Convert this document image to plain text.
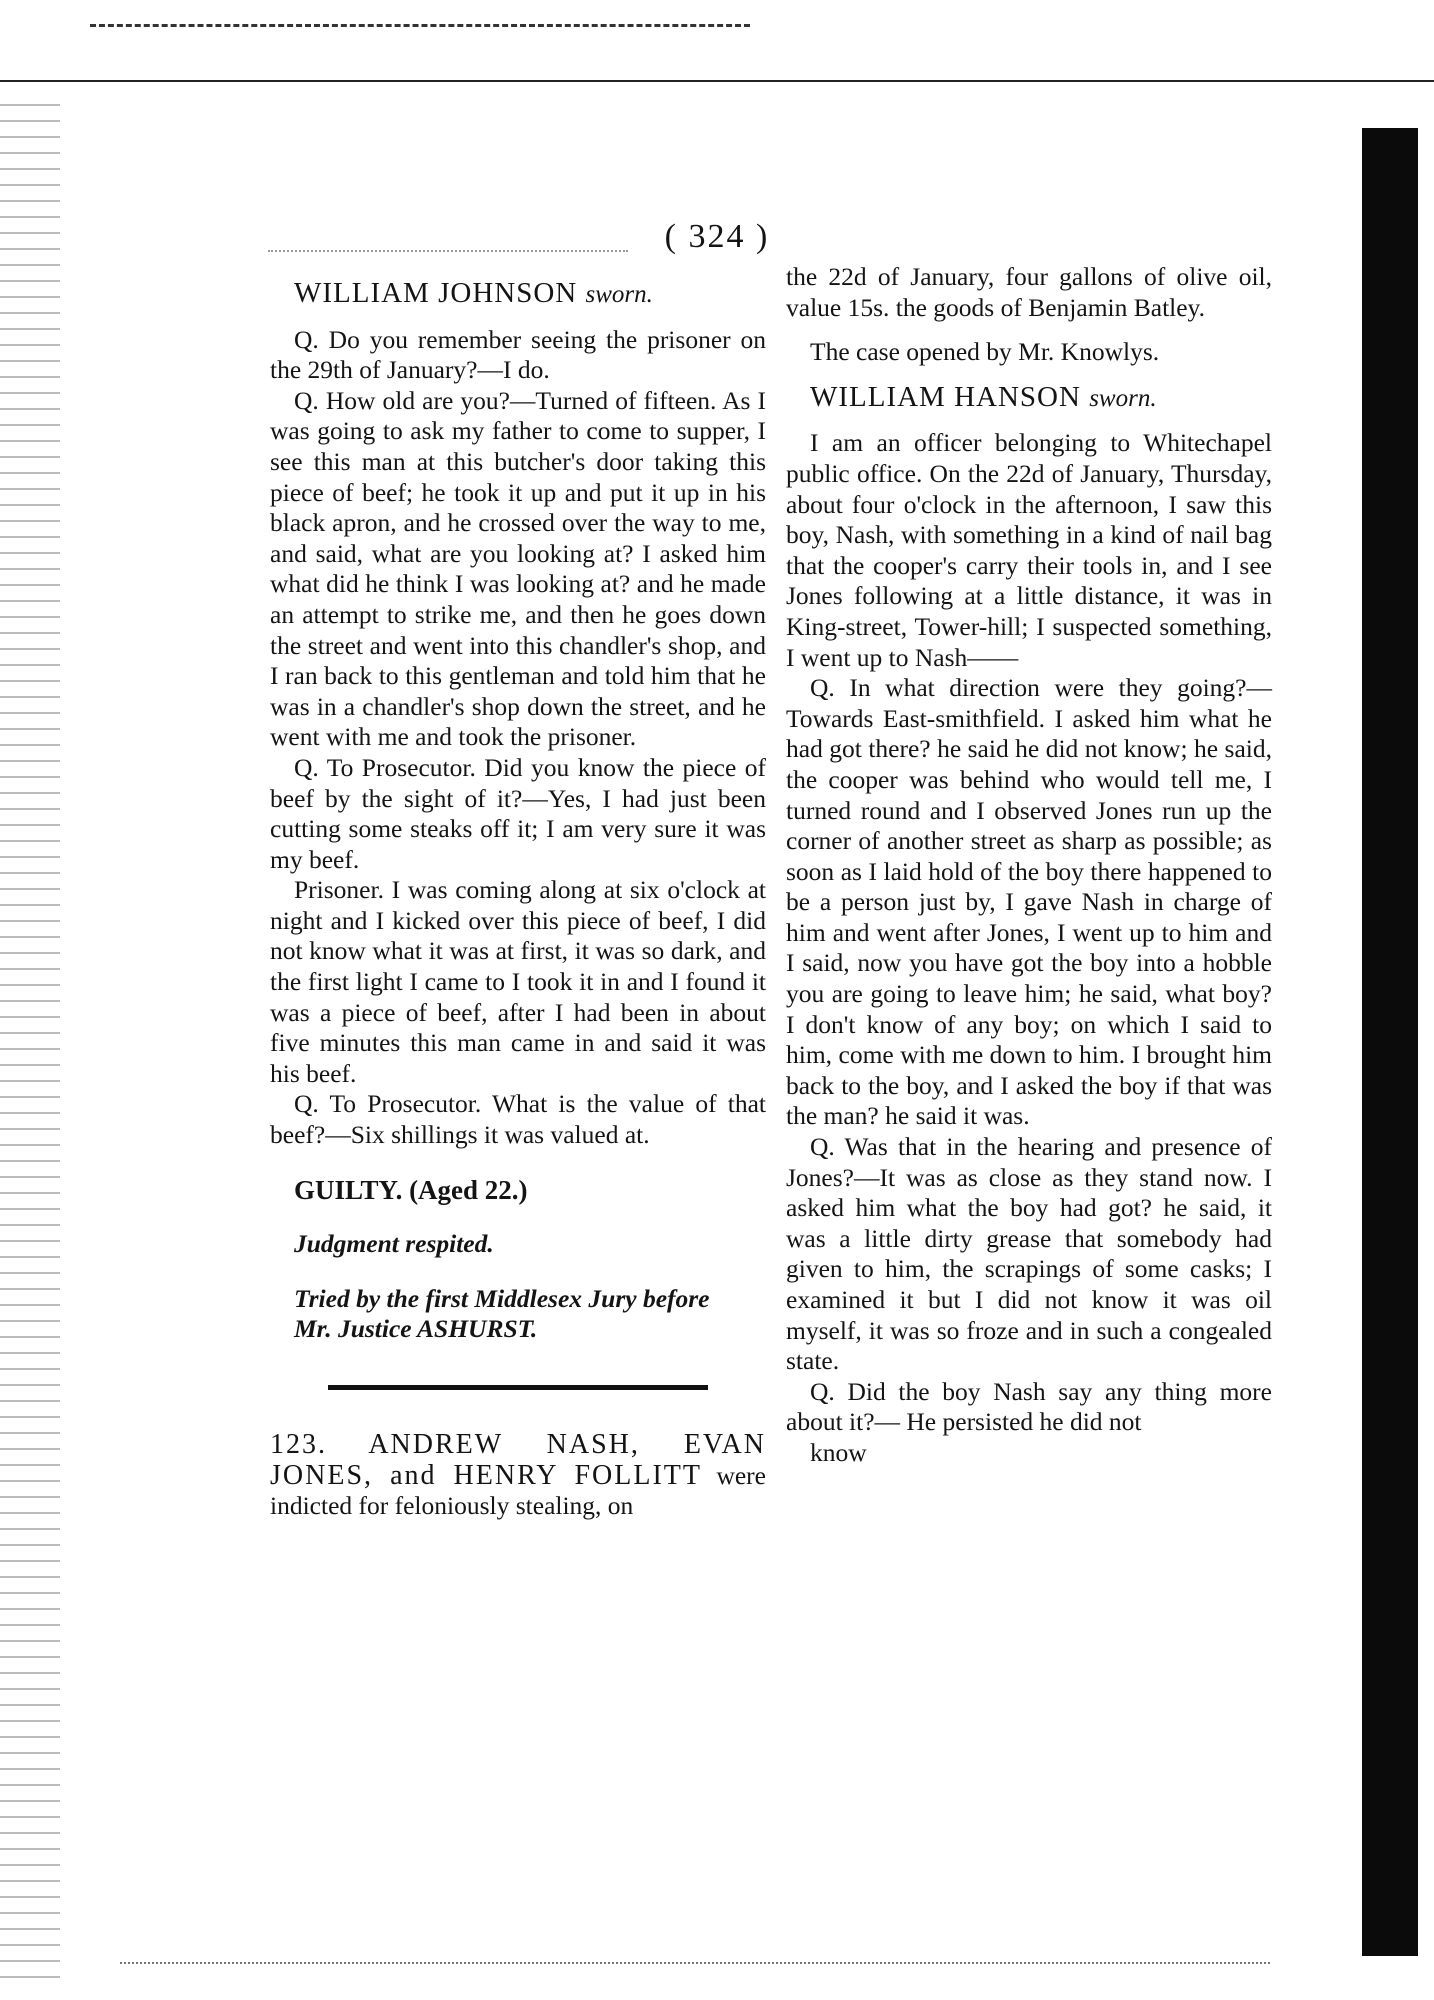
( 324 )

WILLIAM JOHNSON sworn.

Q. Do you remember seeing the prisoner on the 29th of January?—I do.

Q. How old are you?—Turned of fifteen. As I was going to ask my father to come to supper, I see this man at this butcher's door taking this piece of beef; he took it up and put it up in his black apron, and he crossed over the way to me, and said, what are you looking at? I asked him what did he think I was looking at? and he made an attempt to strike me, and then he goes down the street and went into this chandler's shop, and I ran back to this gentleman and told him that he was in a chandler's shop down the street, and he went with me and took the prisoner.

Q. To Prosecutor. Did you know the piece of beef by the sight of it?—Yes, I had just been cutting some steaks off it; I am very sure it was my beef.

Prisoner. I was coming along at six o'clock at night and I kicked over this piece of beef, I did not know what it was at first, it was so dark, and the first light I came to I took it in and I found it was a piece of beef, after I had been in about five minutes this man came in and said it was his beef.

Q. To Prosecutor. What is the value of that beef?—Six shillings it was valued at.

GUILTY. (Aged 22.)

Judgment respited.

Tried by the first Middlesex Jury before

Mr. Justice ASHURST.

123. ANDREW NASH, EVAN JONES, and HENRY FOLLITT were indicted for feloniously stealing, on

the 22d of January, four gallons of olive oil, value 15s. the goods of Benjamin Batley.

The case opened by Mr. Knowlys.

WILLIAM HANSON sworn.

I am an officer belonging to Whitechapel public office. On the 22d of January, Thursday, about four o'clock in the afternoon, I saw this boy, Nash, with something in a kind of nail bag that the cooper's carry their tools in, and I see Jones following at a little distance, it was in King-street, Tower-hill; I suspected something, I went up to Nash——

Q. In what direction were they going?—Towards East-smithfield. I asked him what he had got there? he said he did not know; he said, the cooper was behind who would tell me, I turned round and I observed Jones run up the corner of another street as sharp as possible; as soon as I laid hold of the boy there happened to be a person just by, I gave Nash in charge of him and went after Jones, I went up to him and I said, now you have got the boy into a hobble you are going to leave him; he said, what boy? I don't know of any boy; on which I said to him, come with me down to him. I brought him back to the boy, and I asked the boy if that was the man? he said it was.

Q. Was that in the hearing and presence of Jones?—It was as close as they stand now. I asked him what the boy had got? he said, it was a little dirty grease that somebody had given to him, the scrapings of some casks; I examined it but I did not know it was oil myself, it was so froze and in such a congealed state.

Q. Did the boy Nash say any thing more about it?— He persisted he did not

know
